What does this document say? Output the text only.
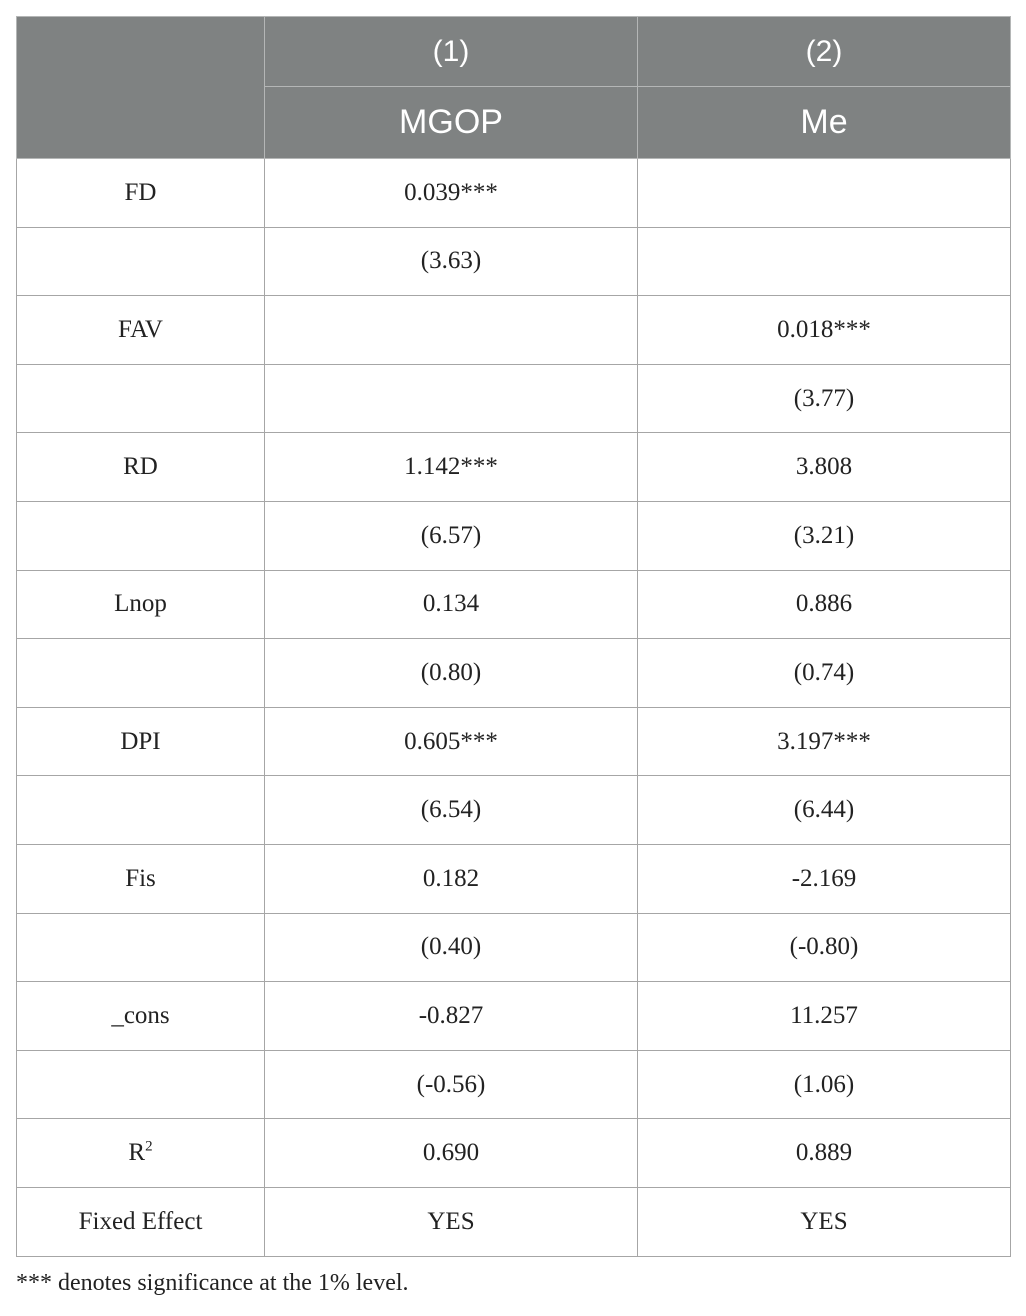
	(1)	(2)
	MGOP	Me
FD	0.039***	
	(3.63)	
FAV		0.018***
		(3.77)
RD	1.142***	3.808
	(6.57)	(3.21)
Lnop	0.134	0.886
	(0.80)	(0.74)
DPI	0.605***	3.197***
	(6.54)	(6.44)
Fis	0.182	-2.169
	(0.40)	(-0.80)
_cons	-0.827	11.257
	(-0.56)	(1.06)
$R^2$	0.690	0.889
Fixed Effect	YES	YES
*** denotes significance at the 1% level.
